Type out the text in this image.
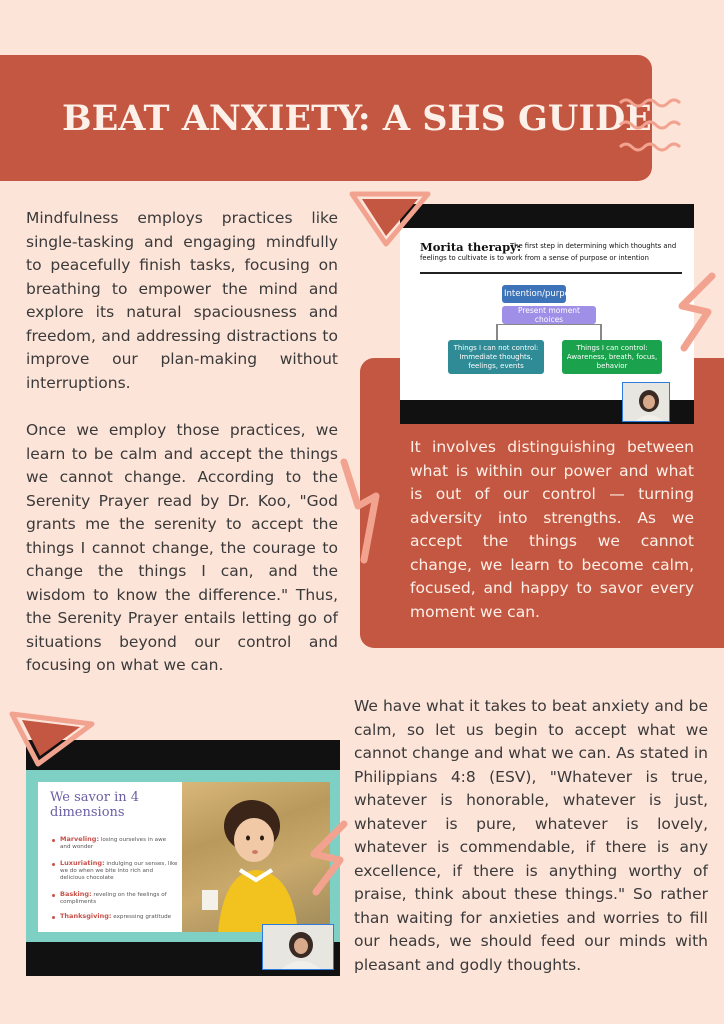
BEAT ANXIETY: A SHS GUIDE

Mindfulness employs practices like single-tasking and engaging mindfully to peacefully finish tasks, focusing on breathing to empower the mind and explore its natural spaciousness and freedom, and addressing distractions to improve our plan-making without interruptions.

Once we employ those practices, we learn to be calm and accept the things we cannot change. According to the Serenity Prayer read by Dr. Koo, "God grants me the serenity to accept the things I cannot change, the courage to change the things I can, and the wisdom to know the difference." Thus, the Serenity Prayer entails letting go of situations beyond our control and focusing on what we can.

It involves distinguishing between what is within our power and what is out of our control — turning adversity into strengths. As we accept the things we cannot change, we learn to become calm, focused, and happy to savor every moment we can.

Morita therapy:
The first step in determining which thoughts and feelings to cultivate is to work from a sense of purpose or intention
Intention/purpose
Present moment choices
Things I can not control:
Immediate thoughts, feelings, events
Things I can control:
Awareness, breath, focus, behavior
We savor in 4 dimensions
Marveling: losing ourselves in awe and wonder
Luxuriating: indulging our senses, like we do when we bite into rich and delicious chocolate
Basking: reveling on the feelings of compliments
Thanksgiving: expressing gratitude

We have what it takes to beat anxiety and be calm, so let us begin to accept what we cannot change and what we can. As stated in Philippians 4:8 (ESV), "Whatever is true, whatever is honorable, whatever is just, whatever is pure, whatever is lovely, whatever is commendable, if there is any excellence, if there is anything worthy of praise, think about these things." So rather than waiting for anxieties and worries to fill our heads, we should feed our minds with pleasant and godly thoughts.
